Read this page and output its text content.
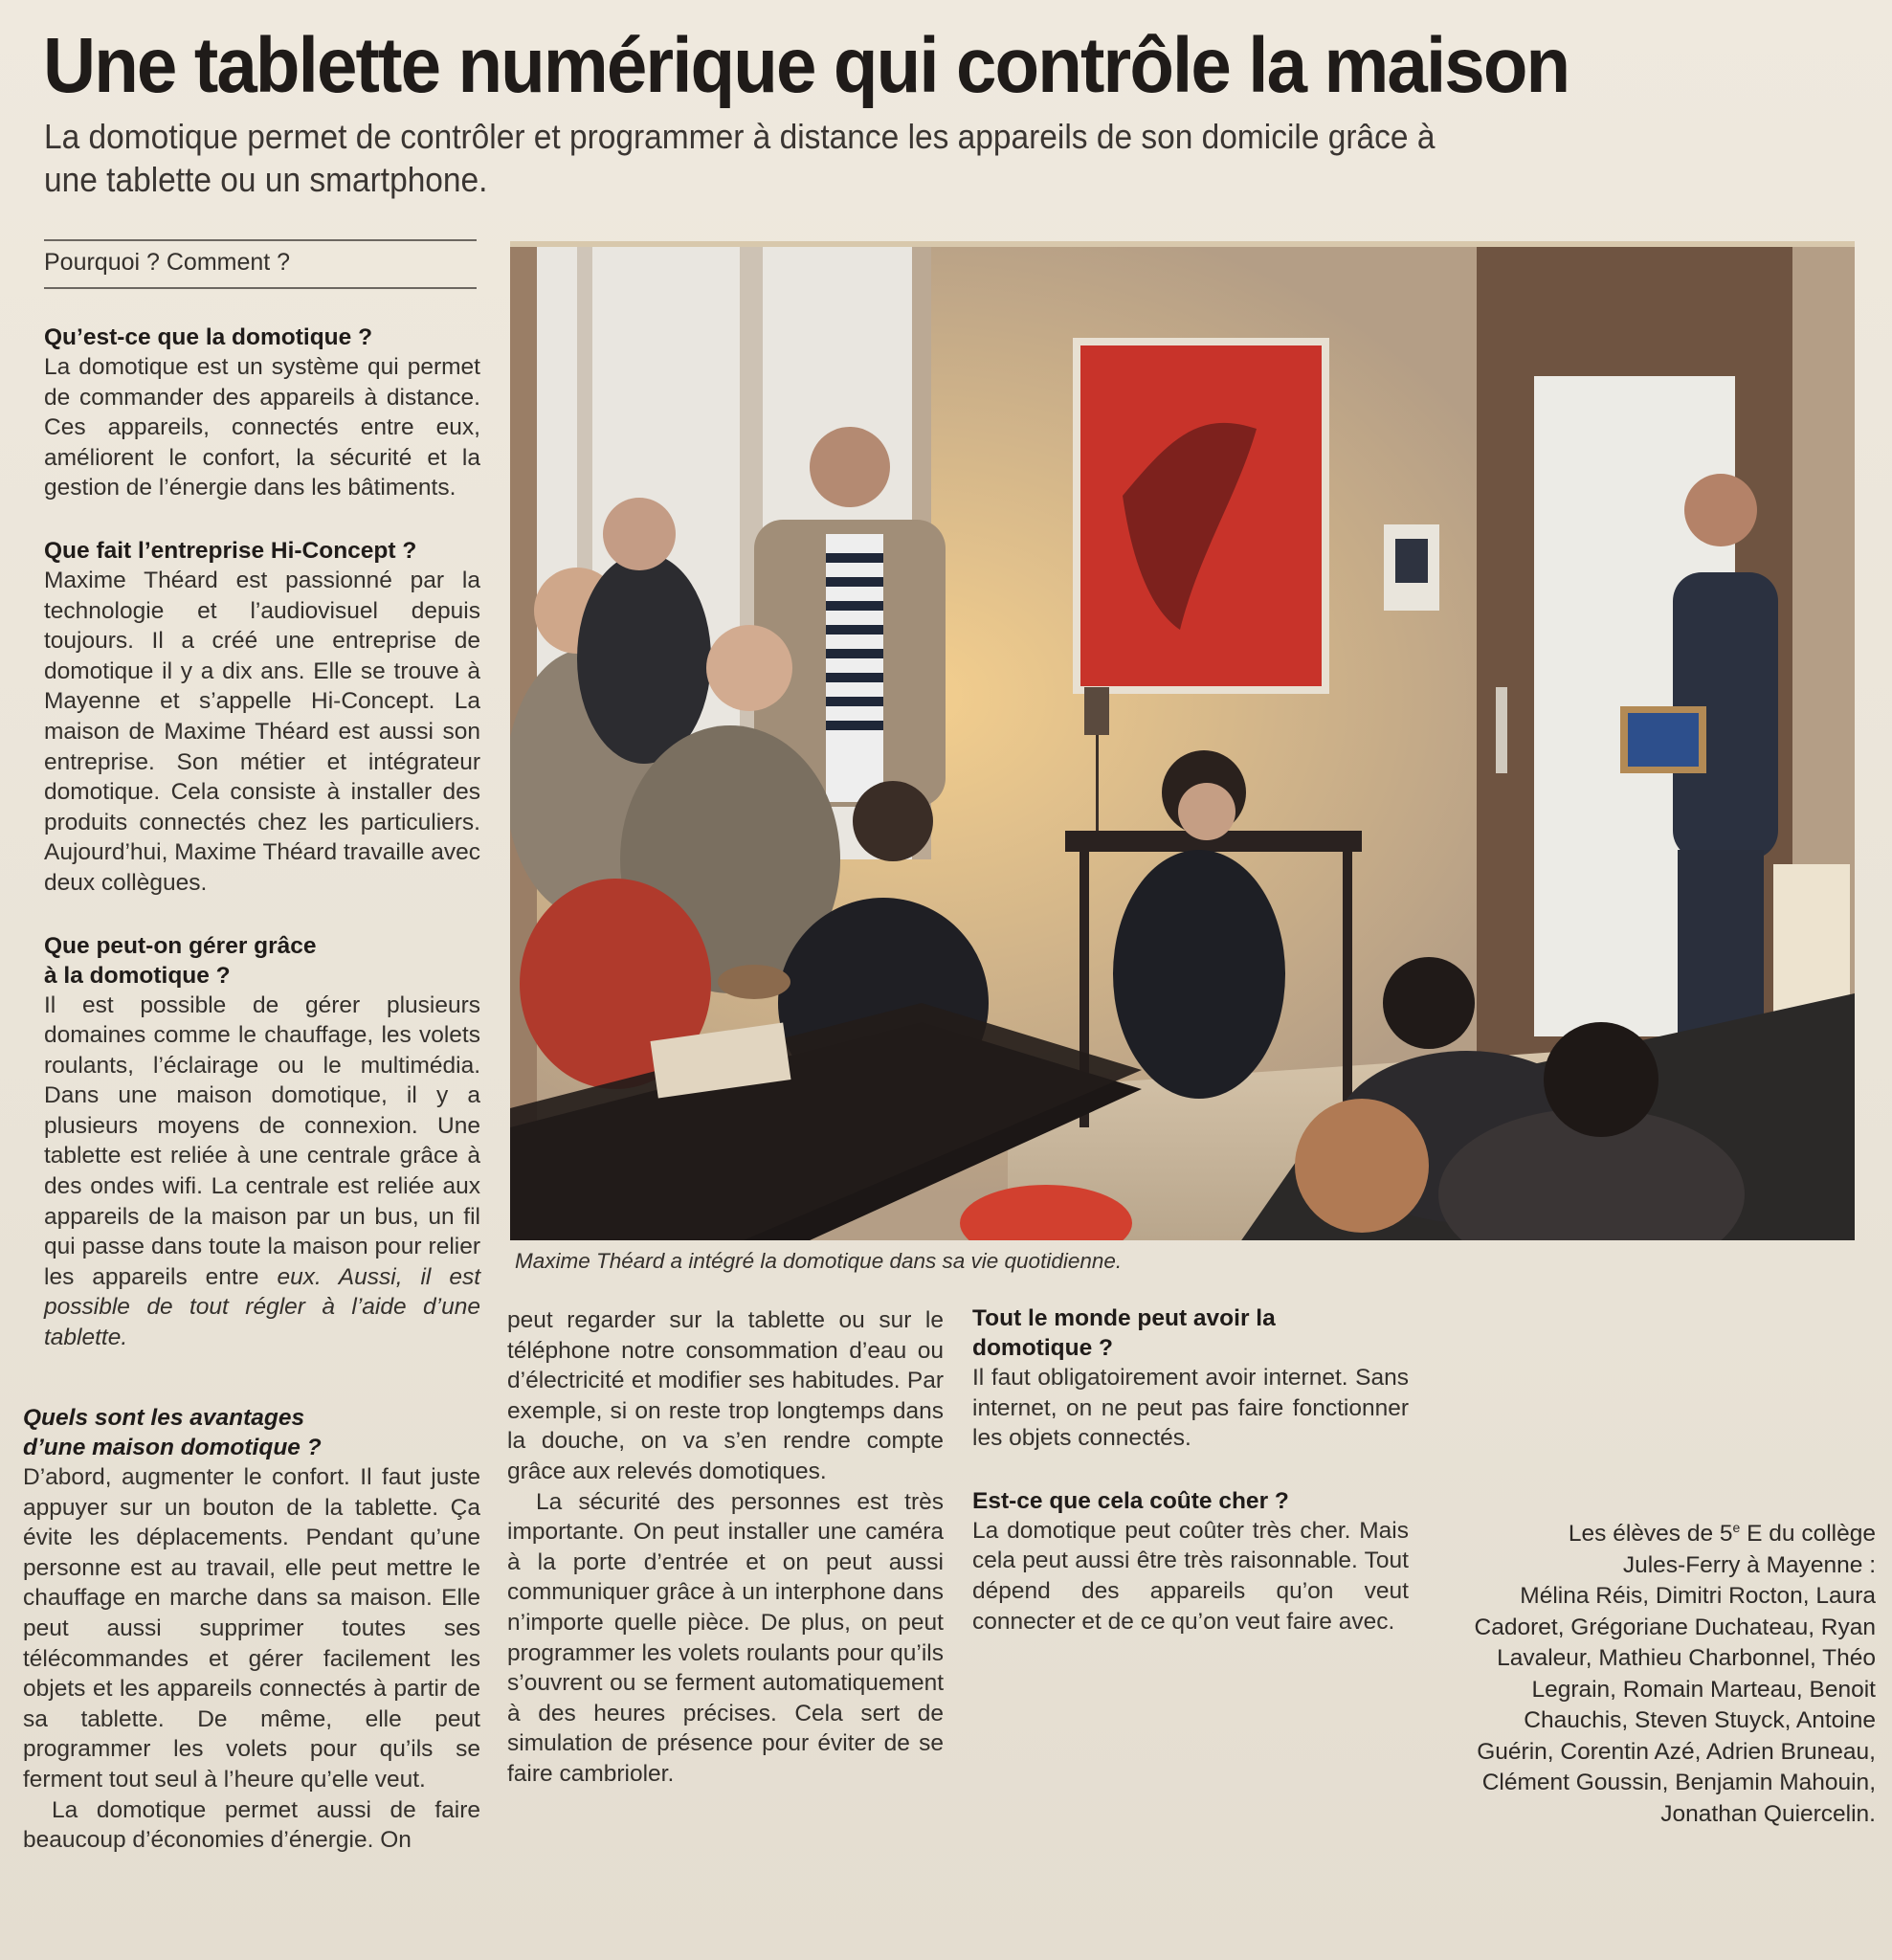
Une tablette numérique qui contrôle la maison

La domotique permet de contrôler et programmer à distance les appareils de son domicile grâce à une tablette ou un smartphone.

Pourquoi ? Comment ?
Qu’est-ce que la domotique ?

La domotique est un système qui permet de commander des appareils à distance. Ces appareils, connectés entre eux, améliorent le confort, la sécurité et la gestion de l’énergie dans les bâtiments.

Que fait l’entreprise Hi-Concept ?

Maxime Théard est passionné par la technologie et l’audiovisuel depuis toujours. Il a créé une entreprise de domotique il y a dix ans. Elle se trouve à Mayenne et s’appelle Hi-Concept. La maison de Maxime Théard est aussi son entreprise. Son métier et intégrateur domotique. Cela consiste à installer des produits connectés chez les particuliers. Aujourd’hui, Maxime Théard travaille avec deux collègues.

Que peut-on gérer grâce à la domotique ?

Il est possible de gérer plusieurs domaines comme le chauffage, les volets roulants, l’éclairage ou le multimédia. Dans une maison domotique, il y a plusieurs moyens de connexion. Une tablette est reliée à une centrale grâce à des ondes wifi. La centrale est reliée aux appareils de la maison par un bus, un fil qui passe dans toute la maison pour relier les appareils entre eux. Aussi, il est possible de tout régler à l’aide d’une tablette.

Quels sont les avantages d’une maison domotique ?

D’abord, augmenter le confort. Il faut juste appuyer sur un bouton de la tablette. Ça évite les déplacements. Pendant qu’une personne est au travail, elle peut mettre le chauffage en marche dans sa maison. Elle peut aussi supprimer toutes ses télécommandes et gérer facilement les objets et les appareils connectés à partir de sa tablette. De même, elle peut programmer les volets pour qu’ils se ferment tout seul à l’heure qu’elle veut.

La domotique permet aussi de faire beaucoup d’économies d’énergie. On

Maxime Théard a intégré la domotique dans sa vie quotidienne.

peut regarder sur la tablette ou sur le téléphone notre consommation d’eau ou d’électricité et modifier ses habitudes. Par exemple, si on reste trop longtemps dans la douche, on va s’en rendre compte grâce aux relevés domotiques.

La sécurité des personnes est très importante. On peut installer une caméra à la porte d’entrée et on peut aussi communiquer grâce à un interphone dans n’importe quelle pièce. De plus, on peut programmer les volets roulants pour qu’ils s’ouvrent ou se ferment automatiquement à des heures précises. Cela sert de simulation de présence pour éviter de se faire cambrioler.

Tout le monde peut avoir la domotique ?

Il faut obligatoirement avoir internet. Sans internet, on ne peut pas faire fonctionner les objets connectés.

Est-ce que cela coûte cher ?

La domotique peut coûter très cher. Mais cela peut aussi être très raisonnable. Tout dépend des appareils qu’on veut connecter et de ce qu’on veut faire avec.

Les élèves de 5e E du collège
Jules-Ferry à Mayenne :
Mélina Réis, Dimitri Rocton, Laura Cadoret, Grégoriane Duchateau, Ryan Lavaleur, Mathieu Charbonnel, Théo Legrain, Romain Marteau, Benoit Chauchis, Steven Stuyck, Antoine Guérin, Corentin Azé, Adrien Bruneau, Clément Goussin, Benjamin Mahouin, Jonathan Quiercelin.
